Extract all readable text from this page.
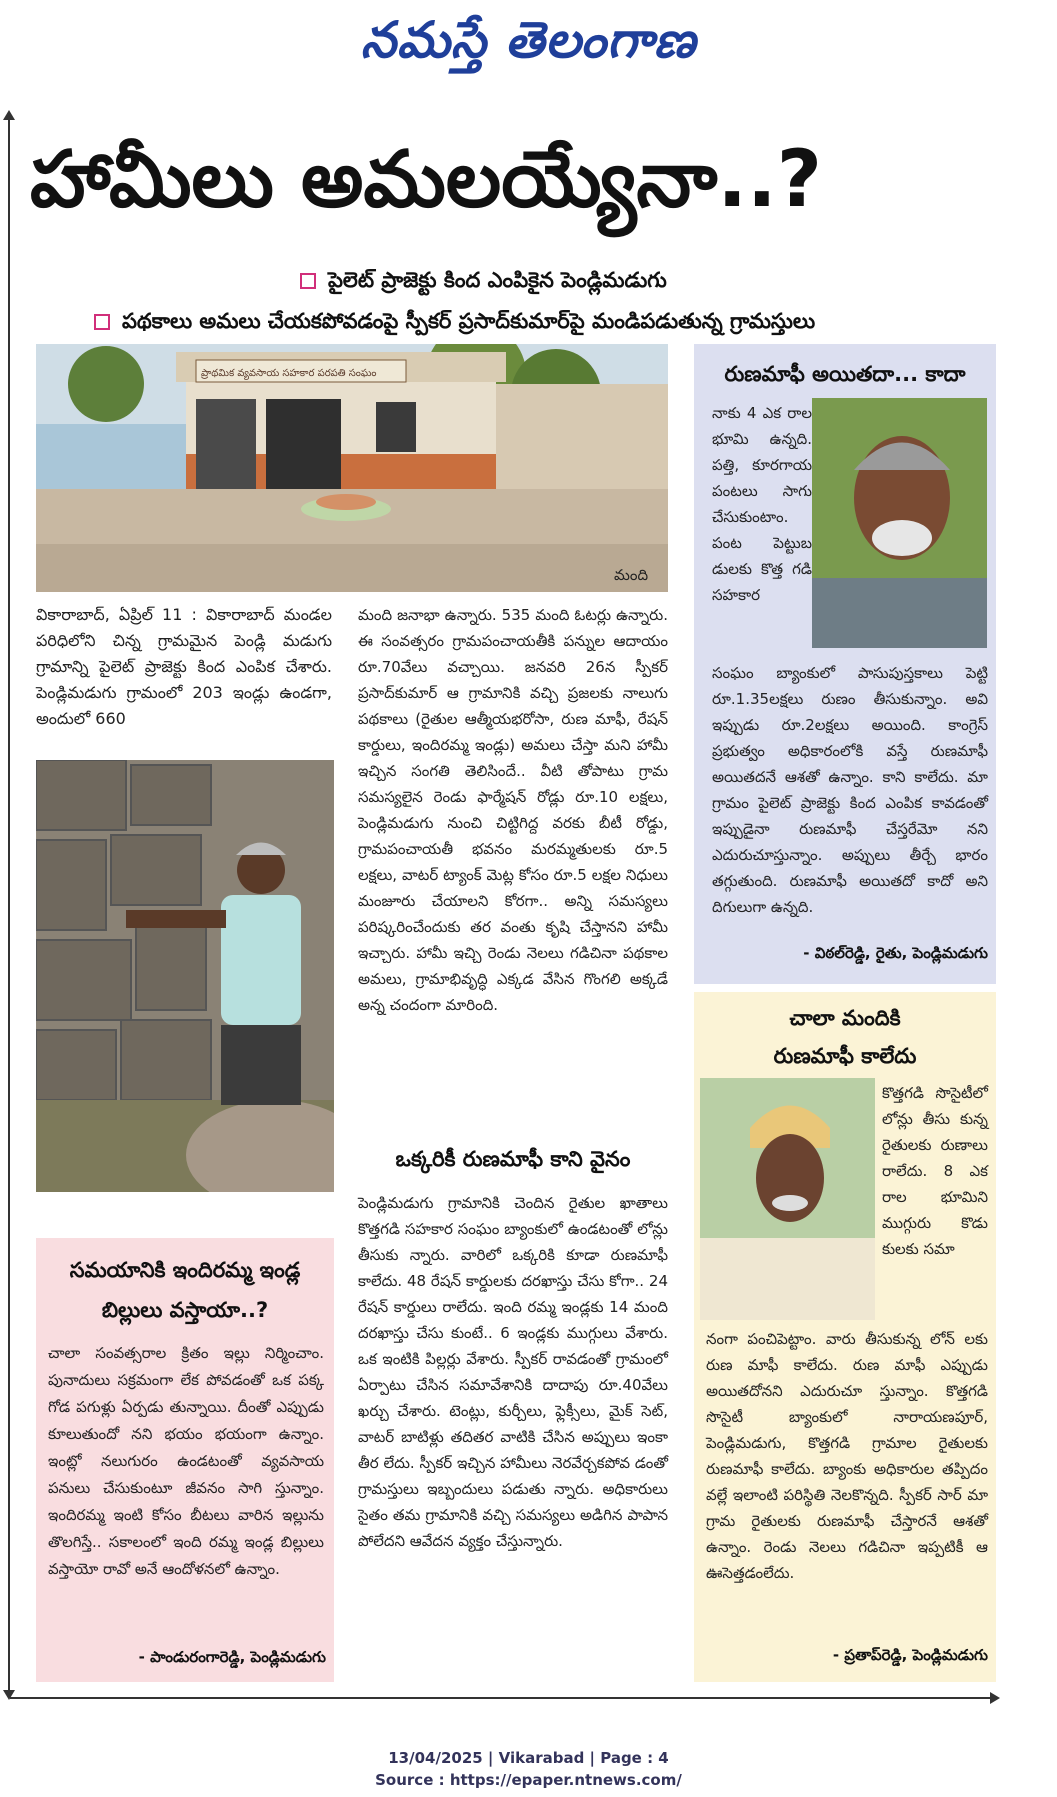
నమస్తే తెలంగాణ
హామీలు అమలయ్యేనా..?
పైలెట్ ప్రాజెక్టు కింద ఎంపికైన పెండ్లిమడుగు
పథకాలు అమలు చేయకపోవడంపై స్పీకర్ ప్రసాద్‌కుమార్‌పై మండిపడుతున్న గ్రామస్తులు
ప్రాథమిక వ్యవసాయ సహకార పరపతి సంఘం
మంది
వికారాబాద్, ఏప్రిల్ 11 : వికారాబాద్ మండల పరిధిలోని చిన్న గ్రామమైన పెండ్లి మడుగు గ్రామాన్ని పైలెట్ ప్రాజెక్టు కింద ఎంపిక చేశారు. పెండ్లిమడుగు గ్రామంలో 203 ఇండ్లు ఉండగా, అందులో 660
సమయానికి ఇందిరమ్మ ఇండ్ల
బిల్లులు వస్తాయా..?
చాలా సంవత్సరాల క్రితం ఇల్లు నిర్మించాం. పునాదులు సక్రమంగా లేక పోవడంతో ఒక పక్క గోడ పగుళ్లు ఏర్పడు తున్నాయి. దీంతో ఎప్పుడు కూలుతుందో నని భయం భయంగా ఉన్నాం. ఇంట్లో నలుగురం ఉండటంతో వ్యవసాయ పనులు చేసుకుంటూ జీవనం సాగి స్తున్నాం. ఇందిరమ్మ ఇంటి కోసం బీటలు వారిన ఇల్లును తొలగిస్తే.. సకాలంలో ఇంది రమ్మ ఇండ్ల బిల్లులు వస్తాయో రావో అనే ఆందోళనలో ఉన్నాం.
- పాండురంగారెడ్డి, పెండ్లిమడుగు
మంది జనాభా ఉన్నారు. 535 మంది ఓటర్లు ఉన్నారు. ఈ సంవత్సరం గ్రామపంచాయతీకి పన్నుల ఆదాయం రూ.70వేలు వచ్చాయి. జనవరి 26న స్పీకర్ ప్రసాద్‌కుమార్ ఆ గ్రామానికి వచ్చి ప్రజలకు నాలుగు పథకాలు (రైతుల ఆత్మీయభరోసా, రుణ మాఫీ, రేషన్ కార్డులు, ఇందిరమ్మ ఇండ్లు) అమలు చేస్తా మని హామీ ఇచ్చిన సంగతి తెలిసిందే.. వీటి తోపాటు గ్రామ సమస్యలైన రెండు ఫార్మేషన్ రోడ్లు రూ.10 లక్షలు, పెండ్లిమడుగు నుంచి చిట్టిగిద్ద వరకు బీటీ రోడ్డు, గ్రామపంచాయతీ భవనం మరమ్మతులకు రూ.5 లక్షలు, వాటర్ ట్యాంక్ మెట్ల కోసం రూ.5 లక్షల నిధులు మంజూరు చేయాలని కోరగా.. అన్ని సమస్యలు పరిష్కరించేందుకు తర వంతు కృషి చేస్తానని హామీ ఇచ్చారు. హామీ ఇచ్చి రెండు నెలలు గడిచినా పథకాల అమలు, గ్రామాభివృద్ధి ఎక్కడ వేసిన గొంగలి అక్కడే అన్న చందంగా మారింది.
ఒక్కరికీ రుణమాఫీ కాని వైనం
పెండ్లిమడుగు గ్రామానికి చెందిన రైతుల ఖాతాలు కొత్తగడి సహకార సంఘం బ్యాంకులో ఉండటంతో లోన్లు తీసుకు న్నారు. వారిలో ఒక్కరికి కూడా రుణమాఫీ కాలేదు. 48 రేషన్ కార్డులకు దరఖాస్తు చేసు కోగా.. 24 రేషన్ కార్డులు రాలేదు. ఇంది రమ్మ ఇండ్లకు 14 మంది దరఖాస్తు చేసు కుంటే.. 6 ఇండ్లకు ముగ్గులు వేశారు. ఒక ఇంటికి పిల్లర్లు వేశారు. స్పీకర్ రావడంతో గ్రామంలో ఏర్పాటు చేసిన సమావేశానికి దాదాపు రూ.40వేలు ఖర్చు చేశారు. టెంట్లు, కుర్చీలు, ఫ్లెక్సీలు, మైక్ సెట్, వాటర్ బాటిళ్లు తదితర వాటికి చేసిన అప్పులు ఇంకా తీర లేదు. స్పీకర్ ఇచ్చిన హామీలు నెరవేర్చకపోవ డంతో గ్రామస్తులు ఇబ్బందులు పడుతు న్నారు. అధికారులు సైతం తమ గ్రామానికి వచ్చి సమస్యలు అడిగిన పాపాన పోలేదని ఆవేదన వ్యక్తం చేస్తున్నారు.
రుణమాఫీ అయితదా... కాదా
నాకు 4 ఎక రాల భూమి ఉన్నది. పత్తి, కూరగాయ పంటలు సాగు చేసుకుంటాం. పంట పెట్టుబ డులకు కొత్త గడి సహకార
సంఘం బ్యాంకులో పాసుపుస్తకాలు పెట్టి రూ.1.35లక్షలు రుణం తీసుకున్నాం. అవి ఇప్పుడు రూ.2లక్షలు అయింది. కాంగ్రెస్ ప్రభుత్వం అధికారంలోకి వస్తే రుణమాఫీ అయితదనే ఆశతో ఉన్నాం. కాని కాలేదు. మా గ్రామం పైలెట్ ప్రాజెక్టు కింద ఎంపిక కావడంతో ఇప్పుడైనా రుణమాఫీ చేస్తరేమో నని ఎదురుచూస్తున్నాం. అప్పులు తీర్చే భారం తగ్గుతుంది. రుణమాఫీ అయితదో కాదో అని దిగులుగా ఉన్నది.
- విఠల్‌రెడ్డి, రైతు, పెండ్లిమడుగు
చాలా మందికి
రుణమాఫీ కాలేదు
కొత్తగడి సొసైటీలో లోన్లు తీసు కున్న రైతులకు రుణాలు రాలేదు. 8 ఎక రాల భూమిని ముగ్గురు కొడు కులకు సమా
నంగా పంచిపెట్టాం. వారు తీసుకున్న లోన్ లకు రుణ మాఫీ కాలేదు. రుణ మాఫీ ఎప్పుడు అయితదోనని ఎదురుచూ స్తున్నాం. కొత్తగడి సొసైటీ బ్యాంకులో నారాయణపూర్, పెండ్లిమడుగు, కొత్తగడి గ్రామాల రైతులకు రుణమాఫీ కాలేదు. బ్యాంకు అధికారుల తప్పిదం వల్లే ఇలాంటి పరిస్థితి నెలకొన్నది. స్పీకర్ సార్ మా గ్రామ రైతులకు రుణమాఫీ చేస్తారనే ఆశతో ఉన్నాం. రెండు నెలలు గడిచినా ఇప్పటికీ ఆ ఊసెత్తడంలేదు.
- ప్రతాప్‌రెడ్డి, పెండ్లిమడుగు
13/04/2025 | Vikarabad | Page : 4
Source : https://epaper.ntnews.com/
